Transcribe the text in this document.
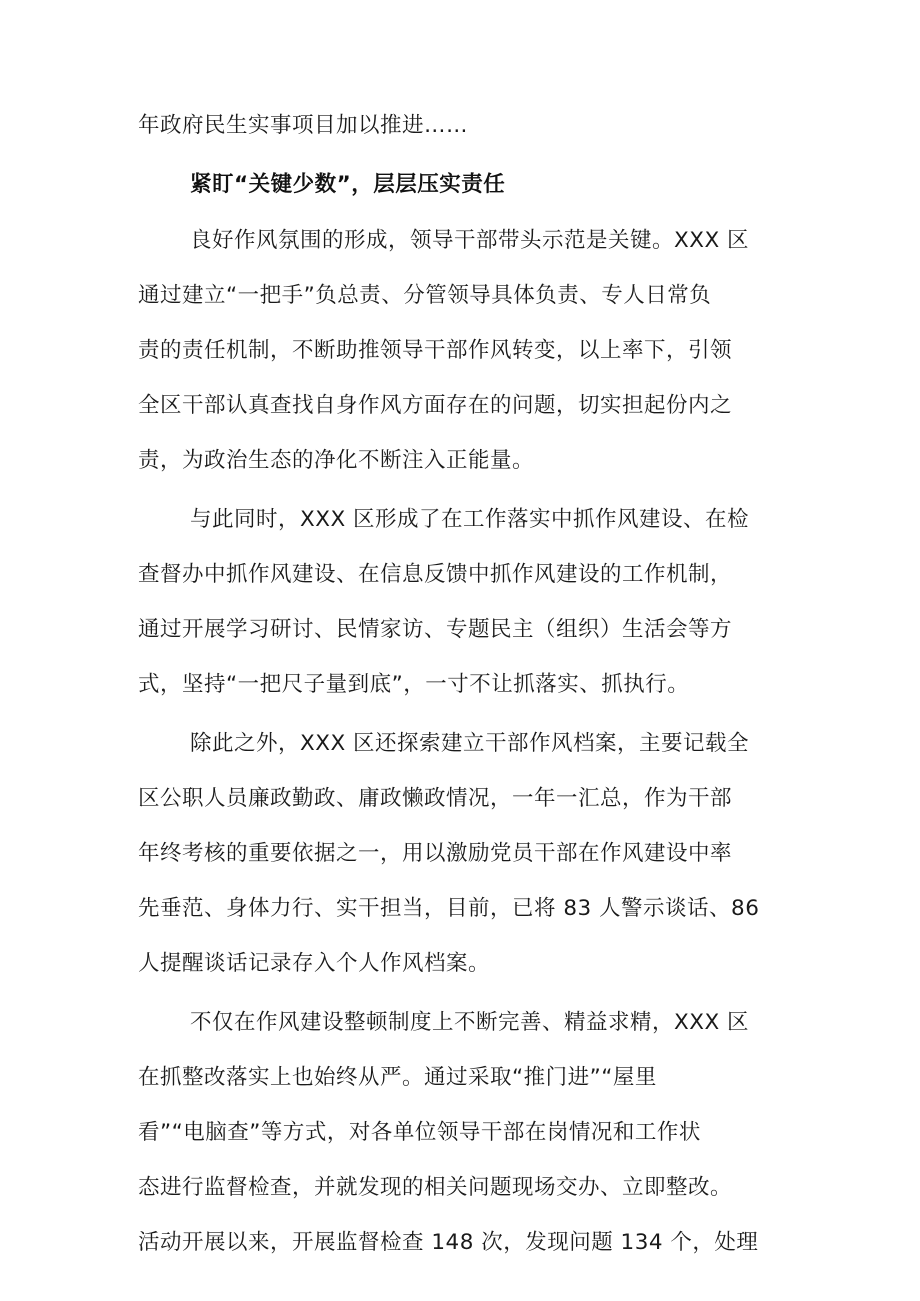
年政府民生实事项目加以推进……
紧盯“关键少数”，层层压实责任
良好作风氛围的形成，领导干部带头示范是关键。XXX 区
通过建立“一把手”负总责、分管领导具体负责、专人日常负
责的责任机制，不断助推领导干部作风转变，以上率下，引领
全区干部认真查找自身作风方面存在的问题，切实担起份内之
责，为政治生态的净化不断注入正能量。
与此同时，XXX 区形成了在工作落实中抓作风建设、在检
查督办中抓作风建设、在信息反馈中抓作风建设的工作机制，
通过开展学习研讨、民情家访、专题民主（组织）生活会等方
式，坚持“一把尺子量到底”，一寸不让抓落实、抓执行。
除此之外，XXX 区还探索建立干部作风档案，主要记载全
区公职人员廉政勤政、庸政懒政情况，一年一汇总，作为干部
年终考核的重要依据之一，用以激励党员干部在作风建设中率
先垂范、身体力行、实干担当，目前，已将 83 人警示谈话、86
人提醒谈话记录存入个人作风档案。
不仅在作风建设整顿制度上不断完善、精益求精，XXX 区
在抓整改落实上也始终从严。通过采取“推门进”“屋里
看”“电脑查”等方式，对各单位领导干部在岗情况和工作状
态进行监督检查，并就发现的相关问题现场交办、立即整改。
活动开展以来，开展监督检查 148 次，发现问题 134 个，处理
